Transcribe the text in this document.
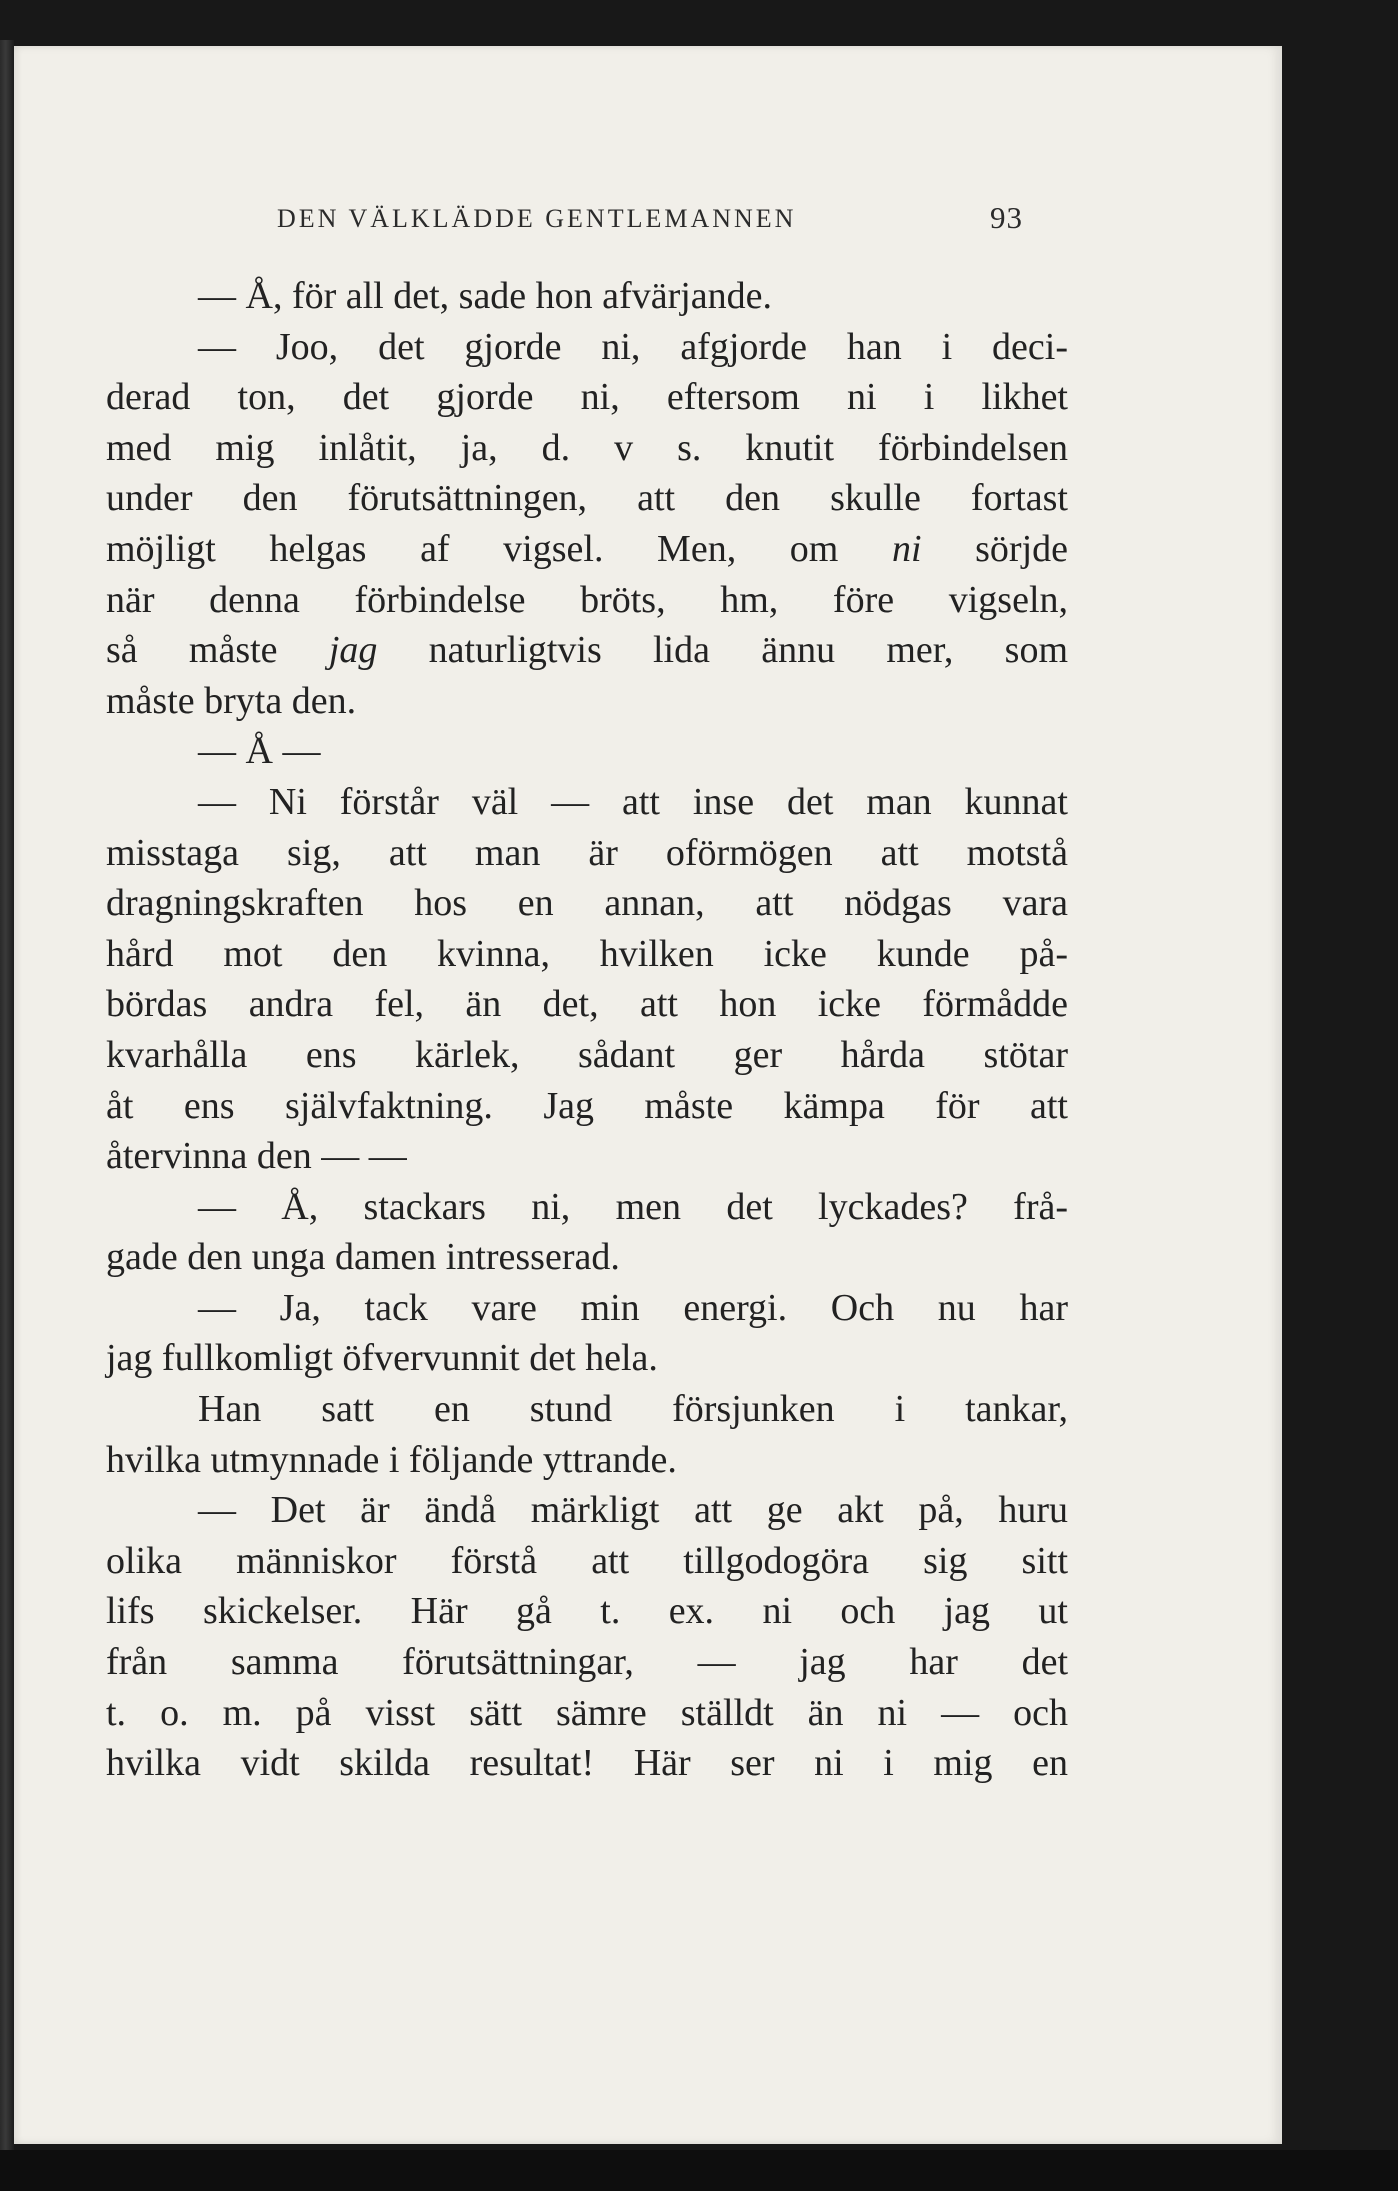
DEN VÄLKLÄDDE GENTLEMANNEN	93
— Å, för all det, sade hon afvärjande.
— Joo, det gjorde ni, afgjorde han i deci-
derad ton, det gjorde ni, eftersom ni i likhet
med mig inlåtit, ja, d. v s. knutit förbindelsen
under den förutsättningen, att den skulle fortast
möjligt helgas af vigsel. Men, om ni sörjde
när denna förbindelse bröts, hm, före vigseln,
så måste jag naturligtvis lida ännu mer, som
måste bryta den.
— Å —
— Ni förstår väl — att inse det man kunnat
misstaga sig, att man är oförmögen att motstå
dragningskraften hos en annan, att nödgas vara
hård mot den kvinna, hvilken icke kunde på-
bördas andra fel, än det, att hon icke förmådde
kvarhålla ens kärlek, sådant ger hårda stötar
åt ens självfaktning. Jag måste kämpa för att
återvinna den — —
— Å, stackars ni, men det lyckades? frå-
gade den unga damen intresserad.
— Ja, tack vare min energi. Och nu har
jag fullkomligt öfvervunnit det hela.
Han satt en stund försjunken i tankar,
hvilka utmynnade i följande yttrande.
— Det är ändå märkligt att ge akt på, huru
olika människor förstå att tillgodogöra sig sitt
lifs skickelser. Här gå t. ex. ni och jag ut
från samma förutsättningar, — jag har det
t. o. m. på visst sätt sämre ställdt än ni — och
hvilka vidt skilda resultat! Här ser ni i mig en
